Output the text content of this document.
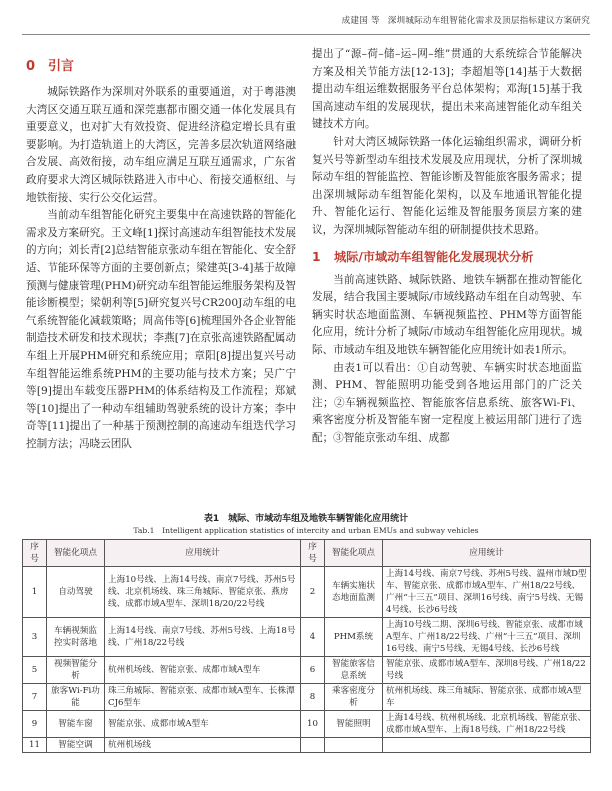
成建国 等 深圳城际动车组智能化需求及顶层指标建议方案研究
0 引言

城际铁路作为深圳对外联系的重要通道，对于粤港澳大湾区交通互联互通和深莞惠都市圈交通一体化发展具有重要意义，也对扩大有效投资、促进经济稳定增长具有重要影响。为打造轨道上的大湾区，完善多层次轨道网络融合发展、高效衔接，动车组应满足互联互通需求，广东省政府要求大湾区城际铁路进入市中心、衔接交通枢纽、与地铁衔接、实行公交化运营。

当前动车组智能化研究主要集中在高速铁路的智能化需求及方案研究。王文峰[1]探讨高速动车组智能技术发展的方向；刘长青[2]总结智能京张动车组在智能化、安全舒适、节能环保等方面的主要创新点；梁建英[3-4]基于故障预测与健康管理(PHM)研究动车组智能运维服务架构及智能诊断模型；梁朝利等[5]研究复兴号CR200J动车组的电气系统智能化减载策略；周高伟等[6]梳理国外各企业智能制造技术研发和技术现状；李燕[7]在京张高速铁路配属动车组上开展PHM研究和系统应用；章阳[8]提出复兴号动车组智能运维系统PHM的主要功能与技术方案；吴广宁等[9]提出车载变压器PHM的体系结构及工作流程；郑斌等[10]提出了一种动车组辅助驾驶系统的设计方案；李中奇等[11]提出了一种基于预测控制的高速动车组迭代学习控制方法；冯晓云团队

提出了“源–荷–储–运–网–维”贯通的大系统综合节能解决方案及相关节能方法[12-13]；李超旭等[14]基于大数据提出动车组运维数据服务平台总体架构；邓海[15]基于我国高速动车组的发展现状，提出未来高速智能化动车组关键技术方向。

针对大湾区城际铁路一体化运输组织需求，调研分析复兴号等新型动车组技术发展及应用现状，分析了深圳城际动车组的智能监控、智能诊断及智能旅客服务需求；提出深圳城际动车组智能化架构，以及车地通讯智能化提升、智能化运行、智能化运维及智能服务顶层方案的建议，为深圳城际智能动车组的研制提供技术思路。

1 城际/市域动车组智能化发展现状分析

当前高速铁路、城际铁路、地铁车辆都在推动智能化发展，结合我国主要城际/市域线路动车组在自动驾驶、车辆实时状态地面监测、车辆视频监控、PHM等方面智能化应用，统计分析了城际/市域动车组智能化应用现状。城际、市域动车组及地铁车辆智能化应用统计如表1所示。

由表1可以看出：①自动驾驶、车辆实时状态地面监测、PHM、智能照明功能受到各地运用部门的广泛关注；②车辆视频监控、智能旅客信息系统、旅客Wi-Fi、乘客密度分析及智能车窗一定程度上被运用部门进行了选配；③智能京张动车组、成都

表1　城际、市域动车组及地铁车辆智能化应用统计
Tab.1　Intelligent application statistics of intercity and urban EMUs and subway vehicles
序号	智能化项点	应用统计	序号	智能化项点	应用统计
1	自动驾驶	上海10号线、上海14号线、南京7号线、苏州5号线、北京机场线、珠三角城际、智能京张、燕房线、成都市域A型车、深圳18/20/22号线	2	车辆实施状态地面监测	上海14号线、南京7号线、苏州5号线、温州市域D型车、智能京张、成都市域A型车、广州18/22号线、广州“十三五”项目、深圳16号线、南宁5号线、无锡4号线、长沙6号线
3	车辆视频监控实时落地	上海14号线、南京7号线、苏州5号线、上海18号线、广州18/22号线	4	PHM系统	上海10号线二期、深圳6号线、智能京张、成都市域A型车、广州18/22号线、广州“十三五”项目、深圳16号线、南宁5号线、无锡4号线、长沙6号线
5	视频智能分析	杭州机场线、智能京张、成都市域A型车	6	智能旅客信息系统	智能京张、成都市域A型车、深圳8号线、广州18/22号线
7	旅客Wi-Fi功能	珠三角城际、智能京张、成都市域A型车、长株潭CJ6型车	8	乘客密度分析	杭州机场线、珠三角城际、智能京张、成都市域A型车
9	智能车窗	智能京张、成都市域A型车	10	智能照明	上海14号线、杭州机场线、北京机场线、智能京张、成都市域A型车、上海18号线、广州18/22号线
11	智能空调	杭州机场线			
